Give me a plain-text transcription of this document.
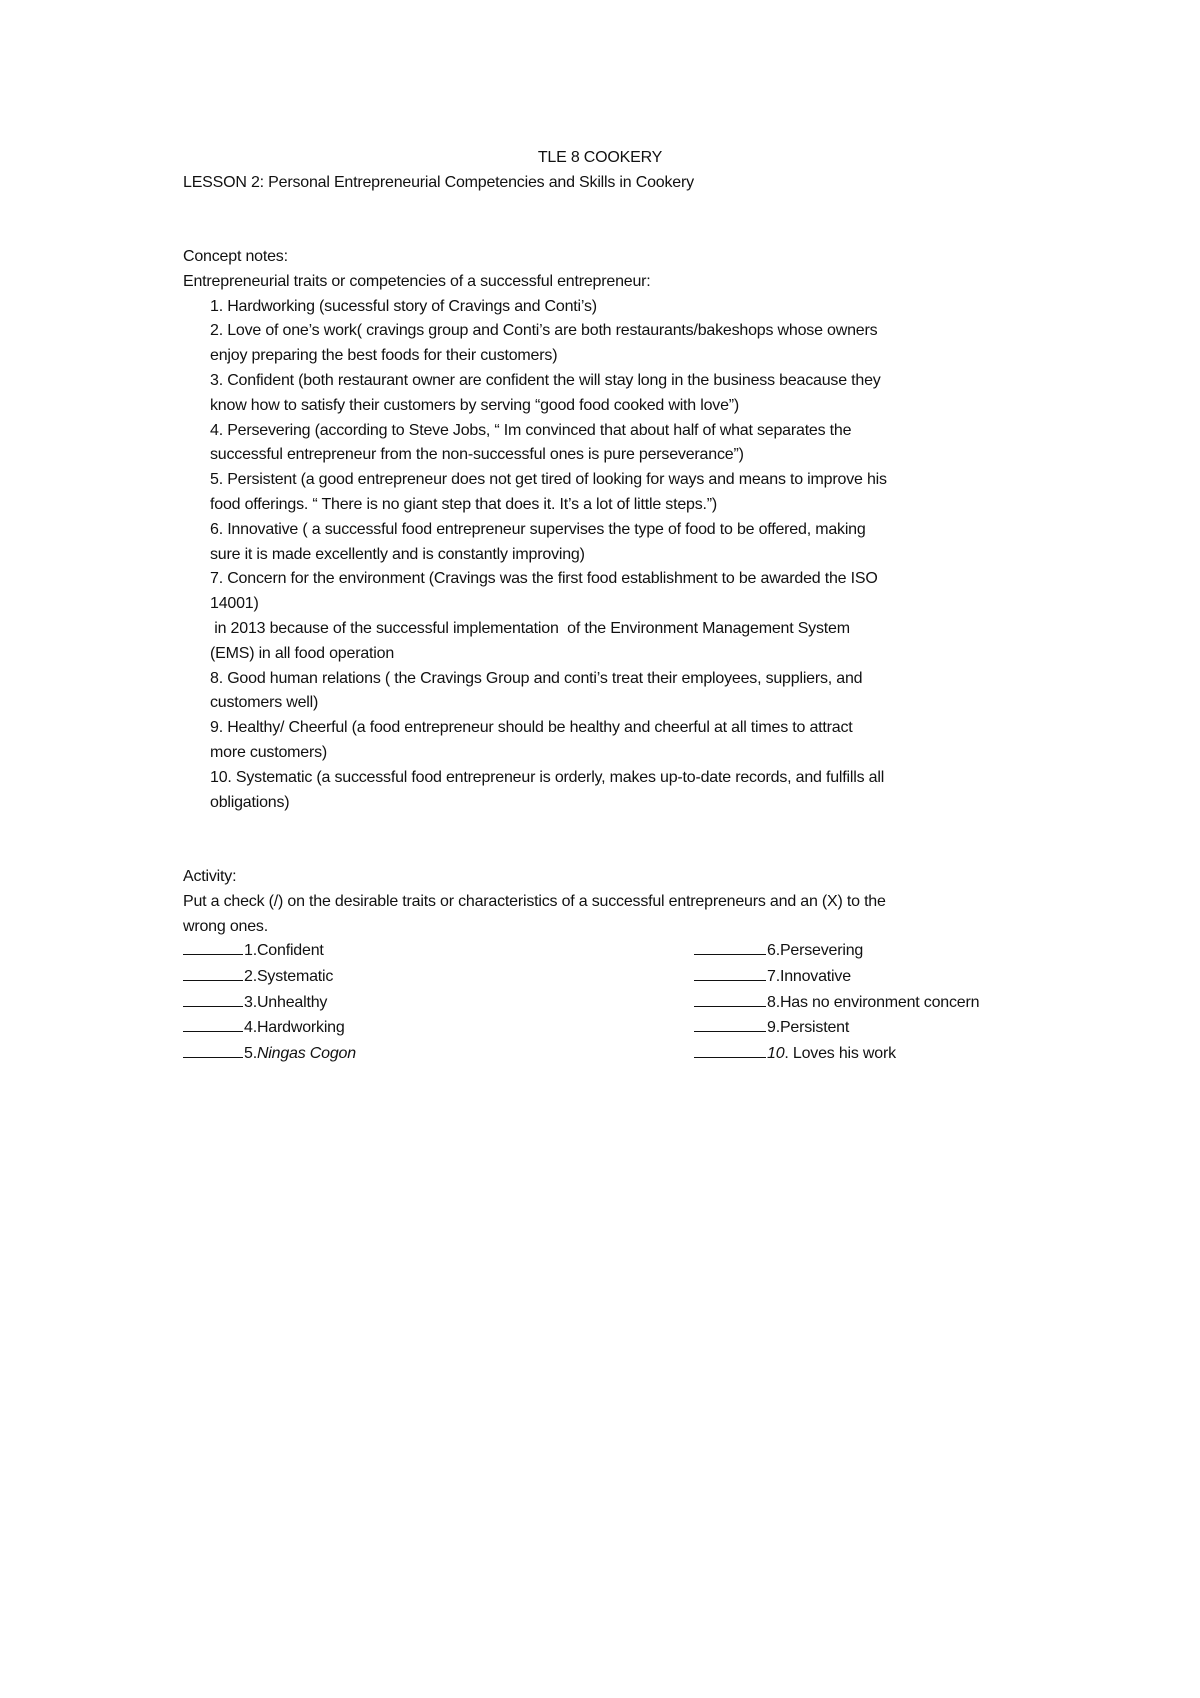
TLE 8 COOKERY
LESSON 2: Personal Entrepreneurial Competencies and Skills in Cookery
Concept notes:
Entrepreneurial traits or competencies of a successful entrepreneur:
1. Hardworking (sucessful story of Cravings and Conti’s)
2. Love of one’s work( cravings group and Conti’s are both restaurants/bakeshops whose owners
enjoy preparing the best foods for their customers)
3. Confident (both restaurant owner are confident the will stay long in the business beacause they
know how to satisfy their customers by serving “good food cooked with love”)
4. Persevering (according to Steve Jobs, “ Im convinced that about half of what separates the
successful entrepreneur from the non-successful ones is pure perseverance”)
5. Persistent (a good entrepreneur does not get tired of looking for ways and means to improve his
food offerings. “ There is no giant step that does it. It’s a lot of little steps.”)
6. Innovative ( a successful food entrepreneur supervises the type of food to be offered, making
sure it is made excellently and is constantly improving)
7. Concern for the environment (Cravings was the first food establishment to be awarded the ISO
14001)
in 2013 because of the successful implementation  of the Environment Management System
(EMS) in all food operation
8. Good human relations ( the Cravings Group and conti’s treat their employees, suppliers, and
customers well)
9. Healthy/ Cheerful (a food entrepreneur should be healthy and cheerful at all times to attract
more customers)
10. Systematic (a successful food entrepreneur is orderly, makes up-to-date records, and fulfills all
obligations)
Activity:
Put a check (/) on the desirable traits or characteristics of a successful entrepreneurs and an (X) to the
wrong ones.
1. Confident
2. Systematic
3. Unhealthy
4. Hardworking
5. Ningas Cogon
6. Persevering
7. Innovative
8. Has no environment concern
9. Persistent
10 . Loves his work
